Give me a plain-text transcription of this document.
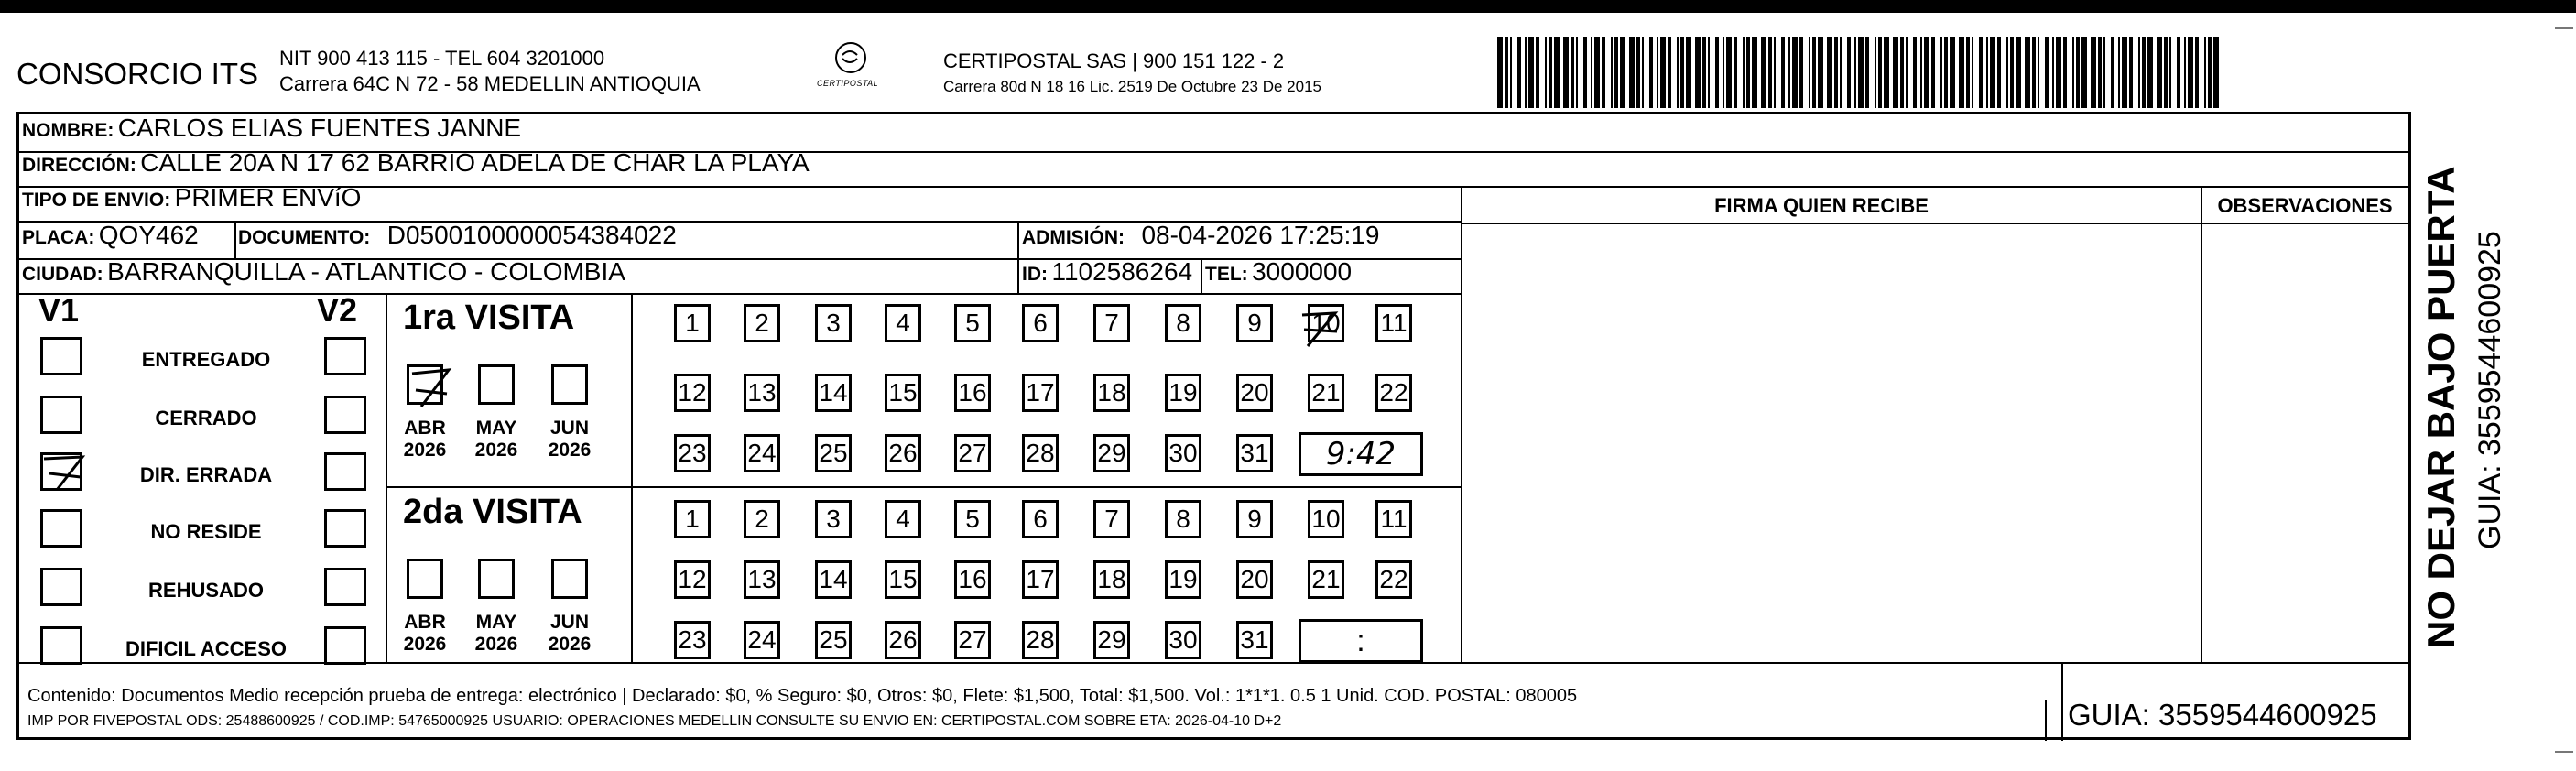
CONSORCIO ITS NIT 900 413 115 - TEL 604 3201000
Carrera 64C N 72 - 58 MEDELLIN ANTIOQUIA	CERTIPOSTAL
CERTIPOSTAL SAS | 900 151 122 - 2
Carrera 80d N 18 16 Lic. 2519 De Octubre 23 De 2015
NOMBRE: CARLOS ELIAS FUENTES JANNE
DIRECCIÓN: CALLE 20A N 17 62 BARRIO ADELA DE CHAR LA PLAYA
TIPO DE ENVIO: PRIMER ENVíO	FIRMA QUIEN RECIBE	OBSERVACIONES
PLACA: QOY462 DOCUMENTO: D0500100000054384022	ADMISIÓN: 08-04-2026 17:25:19
CIUDAD: BARRANQUILLA - ATLANTICO - COLOMBIA	ID: 1102586264 TEL: 3000000
V1	V2
ENTREGADO
CERRADO
DIR. ERRADA
NO RESIDE
REHUSADO
DIFICIL ACCESO
1ra VISITA
2da VISITA
ABR
2026
MAY
2026
JUN
2026
ABR
2026
MAY
2026
JUN
2026
1	2	3	4	5	6	7	8	9	10 11
12 13 14 15 16 17 18 19 20 21 22
23 24 25 26 27 28 29 30 31	9:42
1	2	3	4	5	6	7	8	9	10 11
12 13 14 15 16 17 18 19 20 21 22
23 24 25 26 27 28 29 30 31	:
Contenido: Documentos Medio recepción prueba de entrega: electrónico | Declarado: $0, % Seguro: $0, Otros: $0, Flete: $1,500, Total: $1,500. Vol.: 1*1*1. 0.5 1 Unid. COD. POSTAL: 080005
IMP POR FIVEPOSTAL ODS: 25488600925 / COD.IMP: 54765000925 USUARIO: OPERACIONES MEDELLIN CONSULTE SU ENVIO EN: CERTIPOSTAL.COM SOBRE ETA: 2026-04-10 D+2	GUIA: 3559544600925
NO DEJAR BAJO PUERTA GUIA: 3559544600925
